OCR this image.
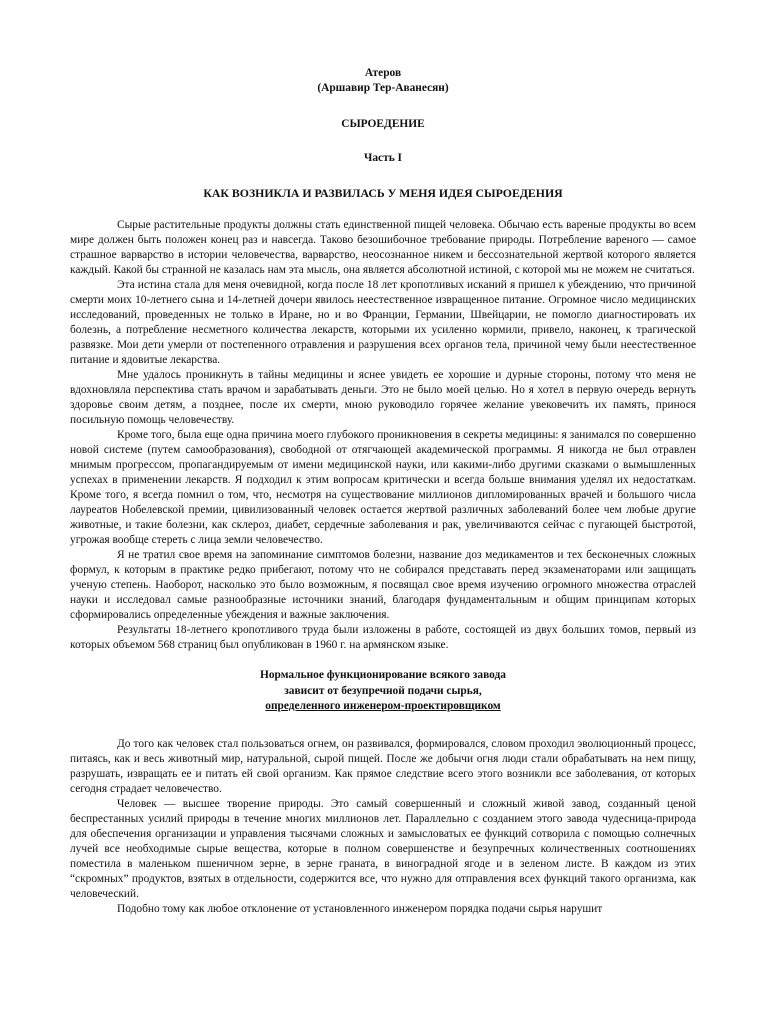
Атеров
(Аршавир Тер-Аванесян)
СЫРОЕДЕНИЕ
Часть I
КАК ВОЗНИКЛА И РАЗВИЛАСЬ У МЕНЯ ИДЕЯ СЫРОЕДЕНИЯ

Сырые растительные продукты должны стать единственной пищей человека. Обычаю есть вареные продукты во всем мире должен быть положен конец раз и навсегда. Таково безошибочное требование природы. Потребление вареного — самое страшное варварство в истории человечества, варварство, неосознанное никем и бессознательной жертвой которого является каждый. Какой бы странной не казалась нам эта мысль, она является абсолютной истиной, с которой мы не можем не считаться.

Эта истина стала для меня очевидной, когда после 18 лет кропотливых исканий я пришел к убеждению, что причиной смерти моих 10-летнего сына и 14-летней дочери явилось неестественное извращенное питание. Огромное число медицинских исследований, проведенных не только в Иране, но и во Франции, Германии, Швейцарии, не помогло диагностировать их болезнь, а потребление несметного количества лекарств, которыми их усиленно кормили, привело, наконец, к трагической развязке. Мои дети умерли от постепенного отравления и разрушения всех органов тела, причиной чему были неестественное питание и ядовитые лекарства.

Мне удалось проникнуть в тайны медицины и яснее увидеть ее хорошие и дурные стороны, потому что меня не вдохновляла перспектива стать врачом и зарабатывать деньги. Это не было моей целью. Но я хотел в первую очередь вернуть здоровье своим детям, а позднее, после их смерти, мною руководило горячее желание увековечить их память, принося посильную помощь человечеству.

Кроме того, была еще одна причина моего глубокого проникновения в секреты медицины: я занимался по совершенно новой системе (путем самообразования), свободной от отягчающей академической программы. Я никогда не был отравлен мнимым прогрессом, пропагандируемым от имени медицинской науки, или какими-либо другими сказками о вымышленных успехах в применении лекарств. Я подходил к этим вопросам критически и всегда больше внимания уделял их недостаткам. Кроме того, я всегда помнил о том, что, несмотря на существование миллионов дипломированных врачей и большого числа лауреатов Нобелевской премии, цивилизованный человек остается жертвой различных заболеваний более чем любые другие животные, и такие болезни, как склероз, диабет, сердечные заболевания и рак, увеличиваются сейчас с пугающей быстротой, угрожая вообще стереть с лица земли человечество.

Я не тратил свое время на запоминание симптомов болезни, название доз медикаментов и тех бесконечных сложных формул, к которым в практике редко прибегают, потому что не собирался представать перед экзаменаторами или защищать ученую степень. Наоборот, насколько это было возможным, я посвящал свое время изучению огромного множества отраслей науки и исследовал самые разнообразные источники знаний, благодаря фундаментальным и общим принципам которых сформировались определенные убеждения и важные заключения.

Результаты 18-летнего кропотливого труда были изложены в работе, состоящей из двух больших томов, первый из которых объемом 568 страниц был опубликован в 1960 г. на армянском языке.

Нормальное функционирование всякого завода
зависит от безупречной подачи сырья,
определенного инженером-проектировщиком

До того как человек стал пользоваться огнем, он развивался, формировался, словом проходил эволюционный процесс, питаясь, как и весь животный мир, натуральной, сырой пищей. После же добычи огня люди стали обрабатывать на нем пищу, разрушать, извращать ее и питать ей свой организм. Как прямое следствие всего этого возникли все заболевания, от которых сегодня страдает человечество.

Человек — высшее творение природы. Это самый совершенный и сложный живой завод, созданный ценой беспрестанных усилий природы в течение многих миллионов лет. Параллельно с созданием этого завода чудесница-природа для обеспечения организации и управления тысячами сложных и замысловатых ее функций сотворила с помощью солнечных лучей все необходимые сырые вещества, которые в полном совершенстве и безупречных количественных соотношениях поместила в маленьком пшеничном зерне, в зерне граната, в виноградной ягоде и в зеленом листе. В каждом из этих “скромных” продуктов, взятых в отдельности, содержится все, что нужно для отправления всех функций такого организма, как человеческий.

Подобно тому как любое отклонение от установленного инженером порядка подачи сырья нарушит
